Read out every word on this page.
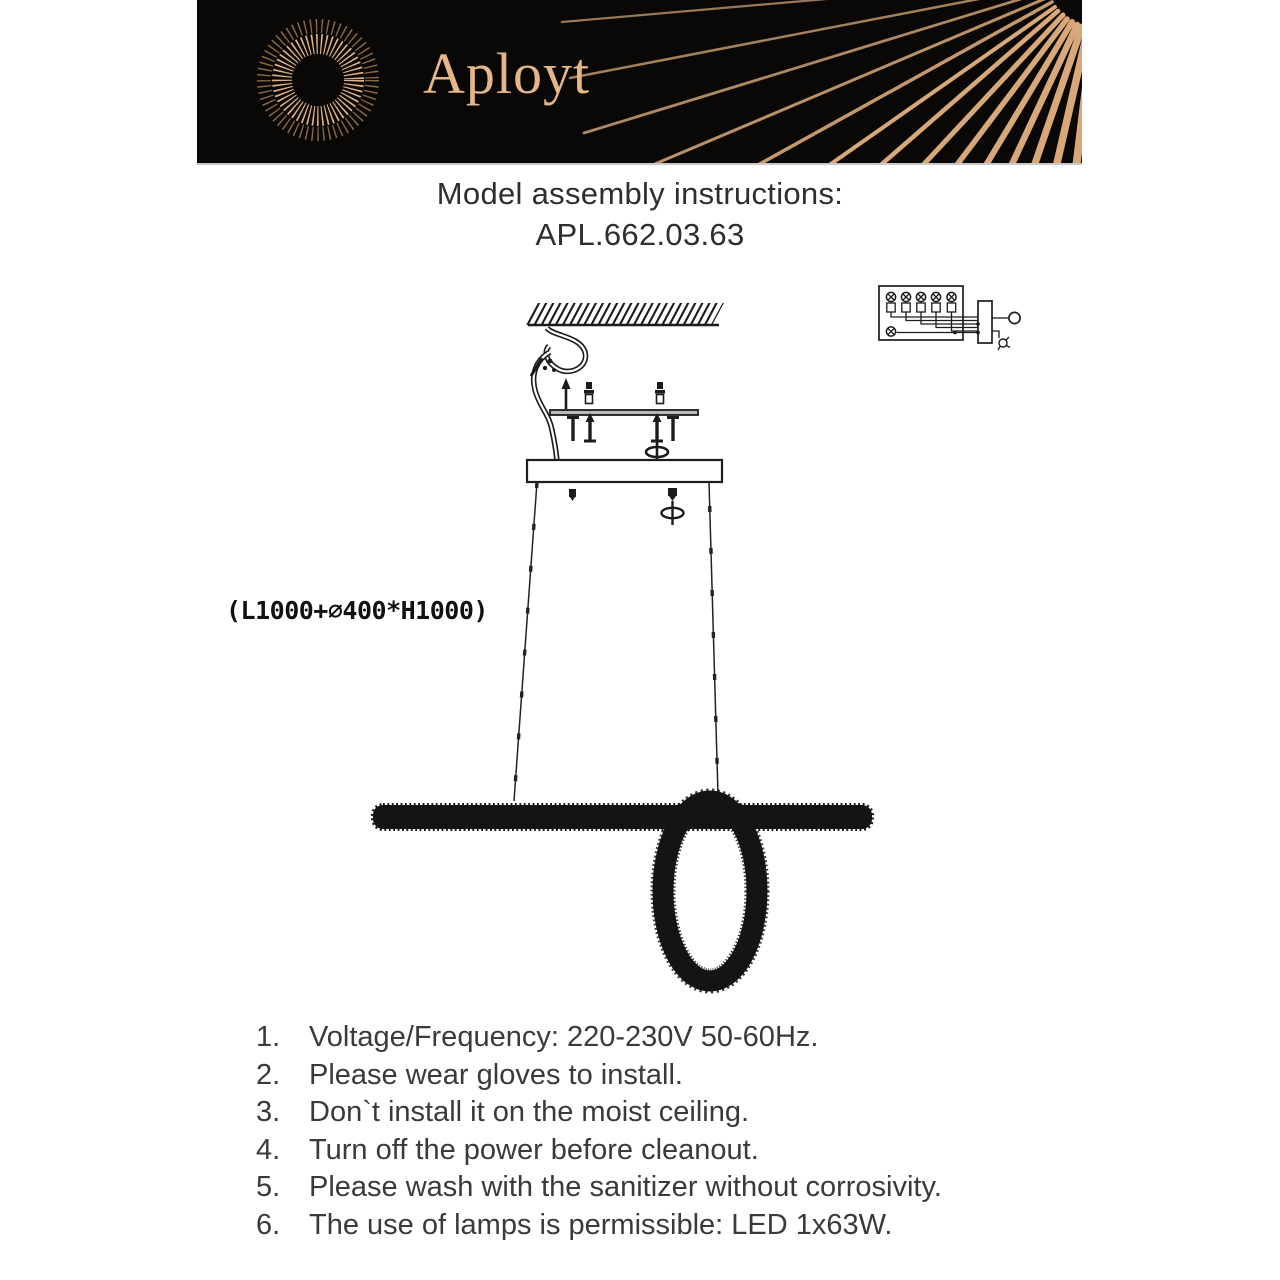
Aployt
Model assembly instructions:
APL.662.03.63
(L1000+⌀400*H1000)
1. Voltage/Frequency: 220-230V 50-60Hz.
2. Please wear gloves to install.
3. Don`t install it on the moist ceiling.
4. Turn off the power before cleanout.
5. Please wash with the sanitizer without corrosivity.
6. The use of lamps is permissible: LED 1x63W.
